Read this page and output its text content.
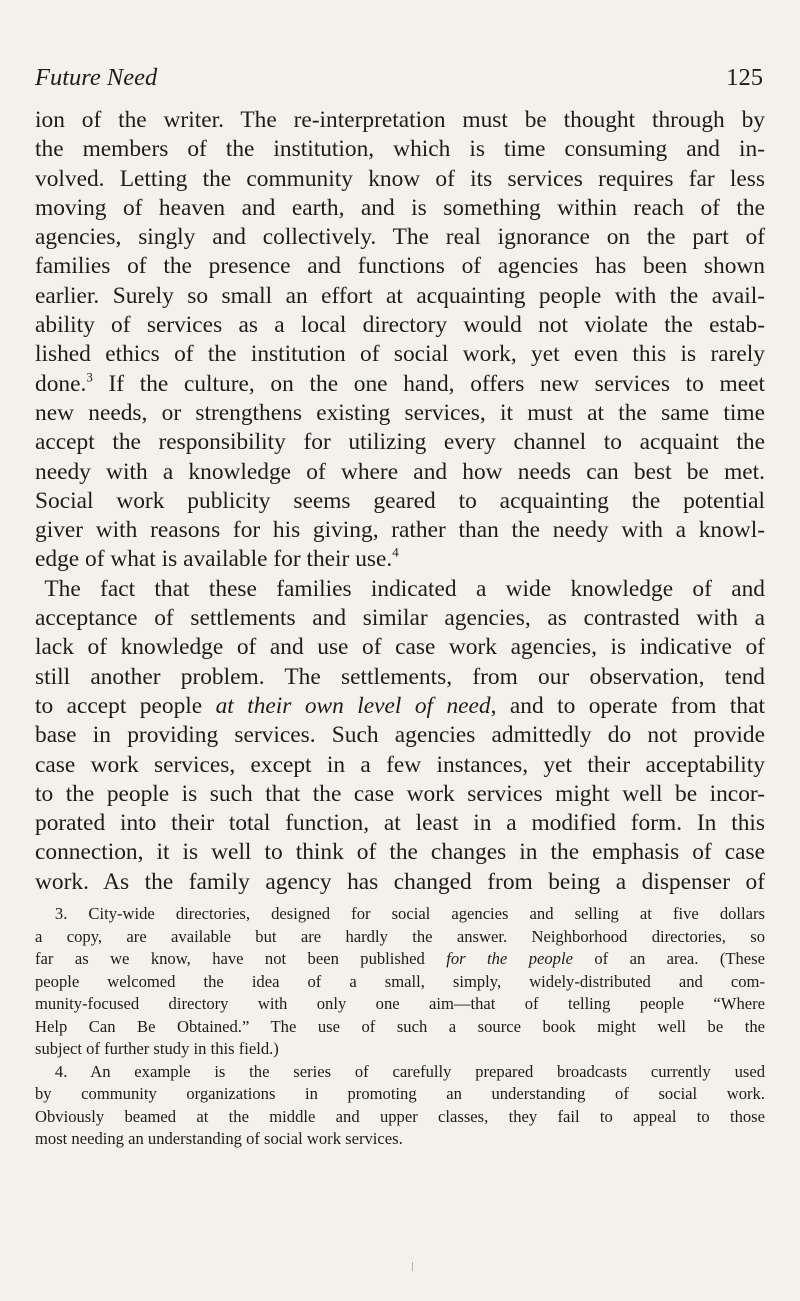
Future Need	125
ion of the writer. The re-interpretation must be thought through by
the members of the institution, which is time consuming and in-
volved. Letting the community know of its services requires far less
moving of heaven and earth, and is something within reach of the
agencies, singly and collectively. The real ignorance on the part of
families of the presence and functions of agencies has been shown
earlier. Surely so small an effort at acquainting people with the avail-
ability of services as a local directory would not violate the estab-
lished ethics of the institution of social work, yet even this is rarely
done.$^3$ If the culture, on the one hand, offers new services to meet
new needs, or strengthens existing services, it must at the same time
accept the responsibility for utilizing every channel to acquaint the
needy with a knowledge of where and how needs can best be met.
Social work publicity seems geared to acquainting the potential
giver with reasons for his giving, rather than the needy with a knowl-
edge of what is available for their use.$^4$
The fact that these families indicated a wide knowledge of and
acceptance of settlements and similar agencies, as contrasted with a
lack of knowledge of and use of case work agencies, is indicative of
still another problem. The settlements, from our observation, tend
to accept people at their own level of need, and to operate from that
base in providing services. Such agencies admittedly do not provide
case work services, except in a few instances, yet their acceptability
to the people is such that the case work services might well be incor-
porated into their total function, at least in a modified form. In this
connection, it is well to think of the changes in the emphasis of case
work. As the family agency has changed from being a dispenser of
3. City-wide directories, designed for social agencies and selling at five dollars
a copy, are available but are hardly the answer. Neighborhood directories, so
far as we know, have not been published for the people of an area. (These
people welcomed the idea of a small, simply, widely-distributed and com-
munity-focused directory with only one aim—that of telling people “Where
Help Can Be Obtained.” The use of such a source book might well be the
subject of further study in this field.)
4. An example is the series of carefully prepared broadcasts currently used
by community organizations in promoting an understanding of social work.
Obviously beamed at the middle and upper classes, they fail to appeal to those
most needing an understanding of social work services.
